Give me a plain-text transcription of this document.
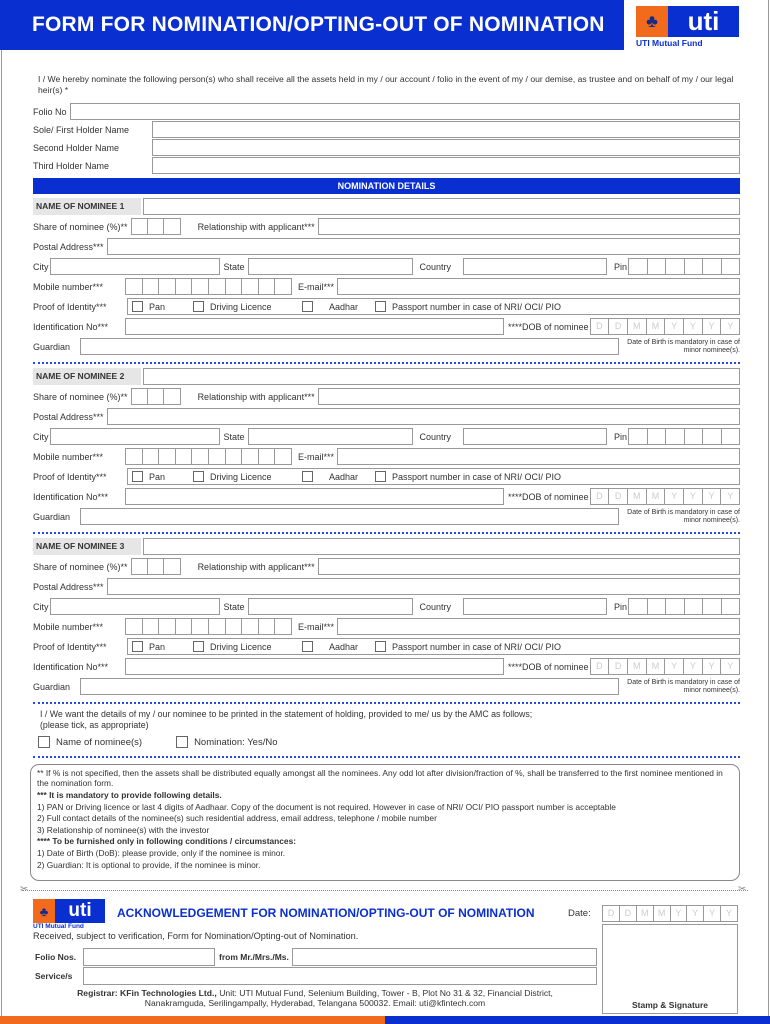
FORM FOR NOMINATION/OPTING-OUT OF NOMINATION	♣	uti
UTI Mutual Fund
I / We hereby nominate the following person(s) who shall receive all the assets held in my / our account / folio in the event of my / our demise, as trustee and on behalf of my / our legal heir(s) *
Folio No
Sole/ First Holder Name
Second Holder Name
Third Holder Name
NOMINATION DETAILS
NAME OF NOMINEE 1
Share of nominee (%)**	Relationship with applicant***
Postal Address***
City	State	Country	Pin
Mobile number***	E-mail***
Proof of Identity***	Pan	Driving Licence	Aadhar	Passport number in case of NRI/ OCI/ PIO
Identification No***	****DOB of nominee D	D	M	M	Y	Y	Y	Y
Guardian	Date of Birth is mandatory in case of minor nominee(s).
NAME OF NOMINEE 2
Share of nominee (%)**	Relationship with applicant***
Postal Address***
City	State	Country	Pin
Mobile number***	E-mail***
Proof of Identity***	Pan	Driving Licence	Aadhar	Passport number in case of NRI/ OCI/ PIO
Identification No***	****DOB of nominee D	D	M	M	Y	Y	Y	Y
Guardian	Date of Birth is mandatory in case of minor nominee(s).
NAME OF NOMINEE 3
Share of nominee (%)**	Relationship with applicant***
Postal Address***
City	State	Country	Pin
Mobile number***	E-mail***
Proof of Identity***	Pan	Driving Licence	Aadhar	Passport number in case of NRI/ OCI/ PIO
Identification No***	****DOB of nominee D	D	M	M	Y	Y	Y	Y
Guardian	Date of Birth is mandatory in case of minor nominee(s).
I / We want the details of my / our nominee to be printed in the statement of holding, provided to me/ us by the AMC as follows;
(please tick, as appropriate)
Name of nominee(s)	Nomination: Yes/No
** If % is not specified, then the assets shall be distributed equally amongst all the nominees. Any odd lot after division/fraction of %, shall be transferred to the first nominee mentioned in the nomination form.
*** It is mandatory to provide following details.
1) PAN or Driving licence or last 4 digits of Aadhaar. Copy of the document is not required. However in case of NRI/ OCI/ PIO passport number is acceptable
2) Full contact details of the nominee(s) such residential address, email address, telephone / mobile number
3) Relationship of nominee(s) with the investor
**** To be furnished only in following conditions / circumstances:
1) Date of Birth (DoB): please provide, only if the nominee is minor.
2) Guardian: It is optional to provide, if the nominee is minor.
✂	✂
♣	uti
UTI Mutual Fund
ACKNOWLEDGEMENT FOR NOMINATION/OPTING-OUT OF NOMINATION	Date:	D	D	M	M	Y	Y	Y	Y
Stamp & Signature
Received, subject to verification, Form for Nomination/Opting-out of Nomination.
Folio Nos.	from Mr./Mrs./Ms.
Service/s
Registrar: KFin Technologies Ltd., Unit: UTI Mutual Fund, Selenium Building, Tower - B, Plot No 31 & 32, Financial District,
Nanakramguda, Serilingampally, Hyderabad, Telangana 500032. Email: uti@kfintech.com
